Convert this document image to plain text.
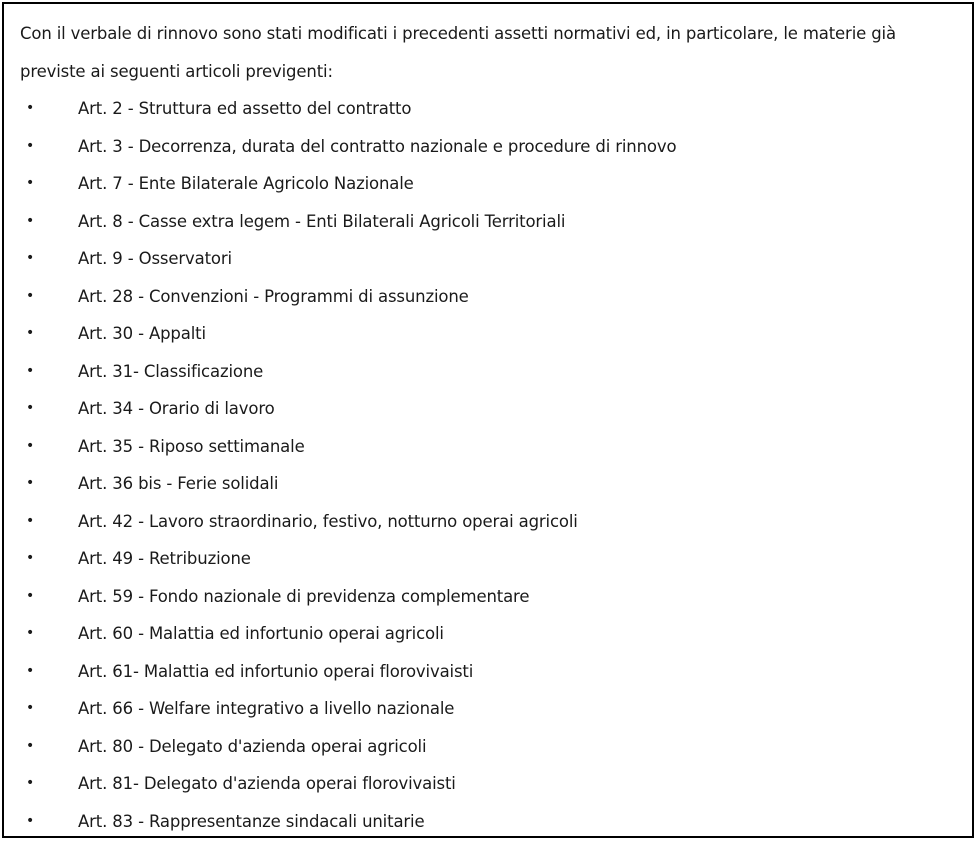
Con il verbale di rinnovo sono stati modificati i precedenti assetti normativi ed, in particolare, le materie già previste ai seguenti articoli previgenti:

•	Art. 2 - Struttura ed assetto del contratto
•	Art. 3 - Decorrenza, durata del contratto nazionale e procedure di rinnovo
•	Art. 7 - Ente Bilaterale Agricolo Nazionale
•	Art. 8 - Casse extra legem - Enti Bilaterali Agricoli Territoriali
•	Art. 9 - Osservatori
•	Art. 28 - Convenzioni - Programmi di assunzione
•	Art. 30 - Appalti
•	Art. 31- Classificazione
•	Art. 34 - Orario di lavoro
•	Art. 35 - Riposo settimanale
•	Art. 36 bis - Ferie solidali
•	Art. 42 - Lavoro straordinario, festivo, notturno operai agricoli
•	Art. 49 - Retribuzione
•	Art. 59 - Fondo nazionale di previdenza complementare
•	Art. 60 - Malattia ed infortunio operai agricoli
•	Art. 61- Malattia ed infortunio operai florovivaisti
•	Art. 66 - Welfare integrativo a livello nazionale
•	Art. 80 - Delegato d'azienda operai agricoli
•	Art. 81- Delegato d'azienda operai florovivaisti
•	Art. 83 - Rappresentanze sindacali unitarie
